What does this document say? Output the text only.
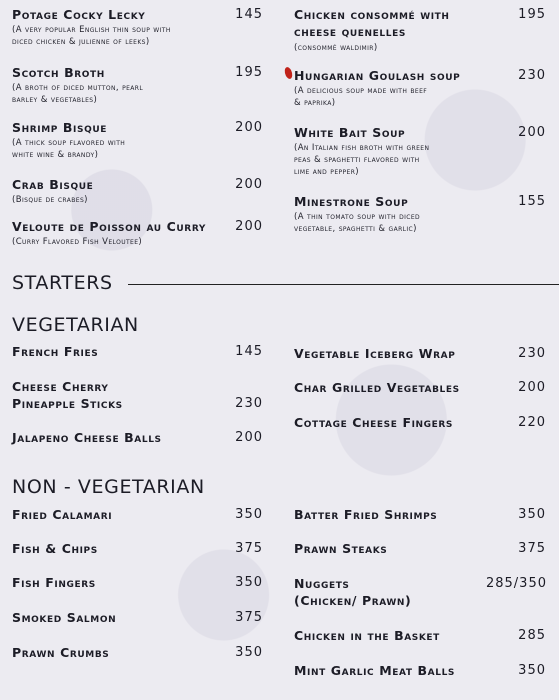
Potage Cocky Lecky	145
(A very popular English thin soup with
diced chicken & julienne of leeks)
Scotch Broth	195
(A broth of diced mutton, pearl
barley & vegetables)
Shrimp Bisque	200
(A thick soup flavored with
white wine & brandy)
Crab Bisque	200
(Bisque de crabes)
Veloute de Poisson au Curry	200
(Curry Flavored Fish Veloutee)
Chicken consommé with
cheese quenelles
195
(consommé waldimir)
Hungarian Goulash soup	230
(A delicious soup made with beef
& paprika)
White Bait Soup	200
(An Italian fish broth with green
peas & spaghetti flavored with
lime and pepper)
Minestrone Soup	155
(A thin tomato soup with diced
vegetable, spaghetti & garlic)
STARTERS
VEGETARIAN
French Fries	145
Cheese Cherry
Pineapple Sticks	230
Jalapeno Cheese Balls	200
Vegetable Iceberg Wrap	230
Char Grilled Vegetables	200
Cottage Cheese Fingers	220
NON - VEGETARIAN
Fried Calamari	350
Fish & Chips	375
Fish Fingers	350
Smoked Salmon	375
Prawn Crumbs	350
Batter Fried Shrimps	350
Prawn Steaks	375
Nuggets
(Chicken/ Prawn)
285/350
Chicken in the Basket	285
Mint Garlic Meat Balls	350
